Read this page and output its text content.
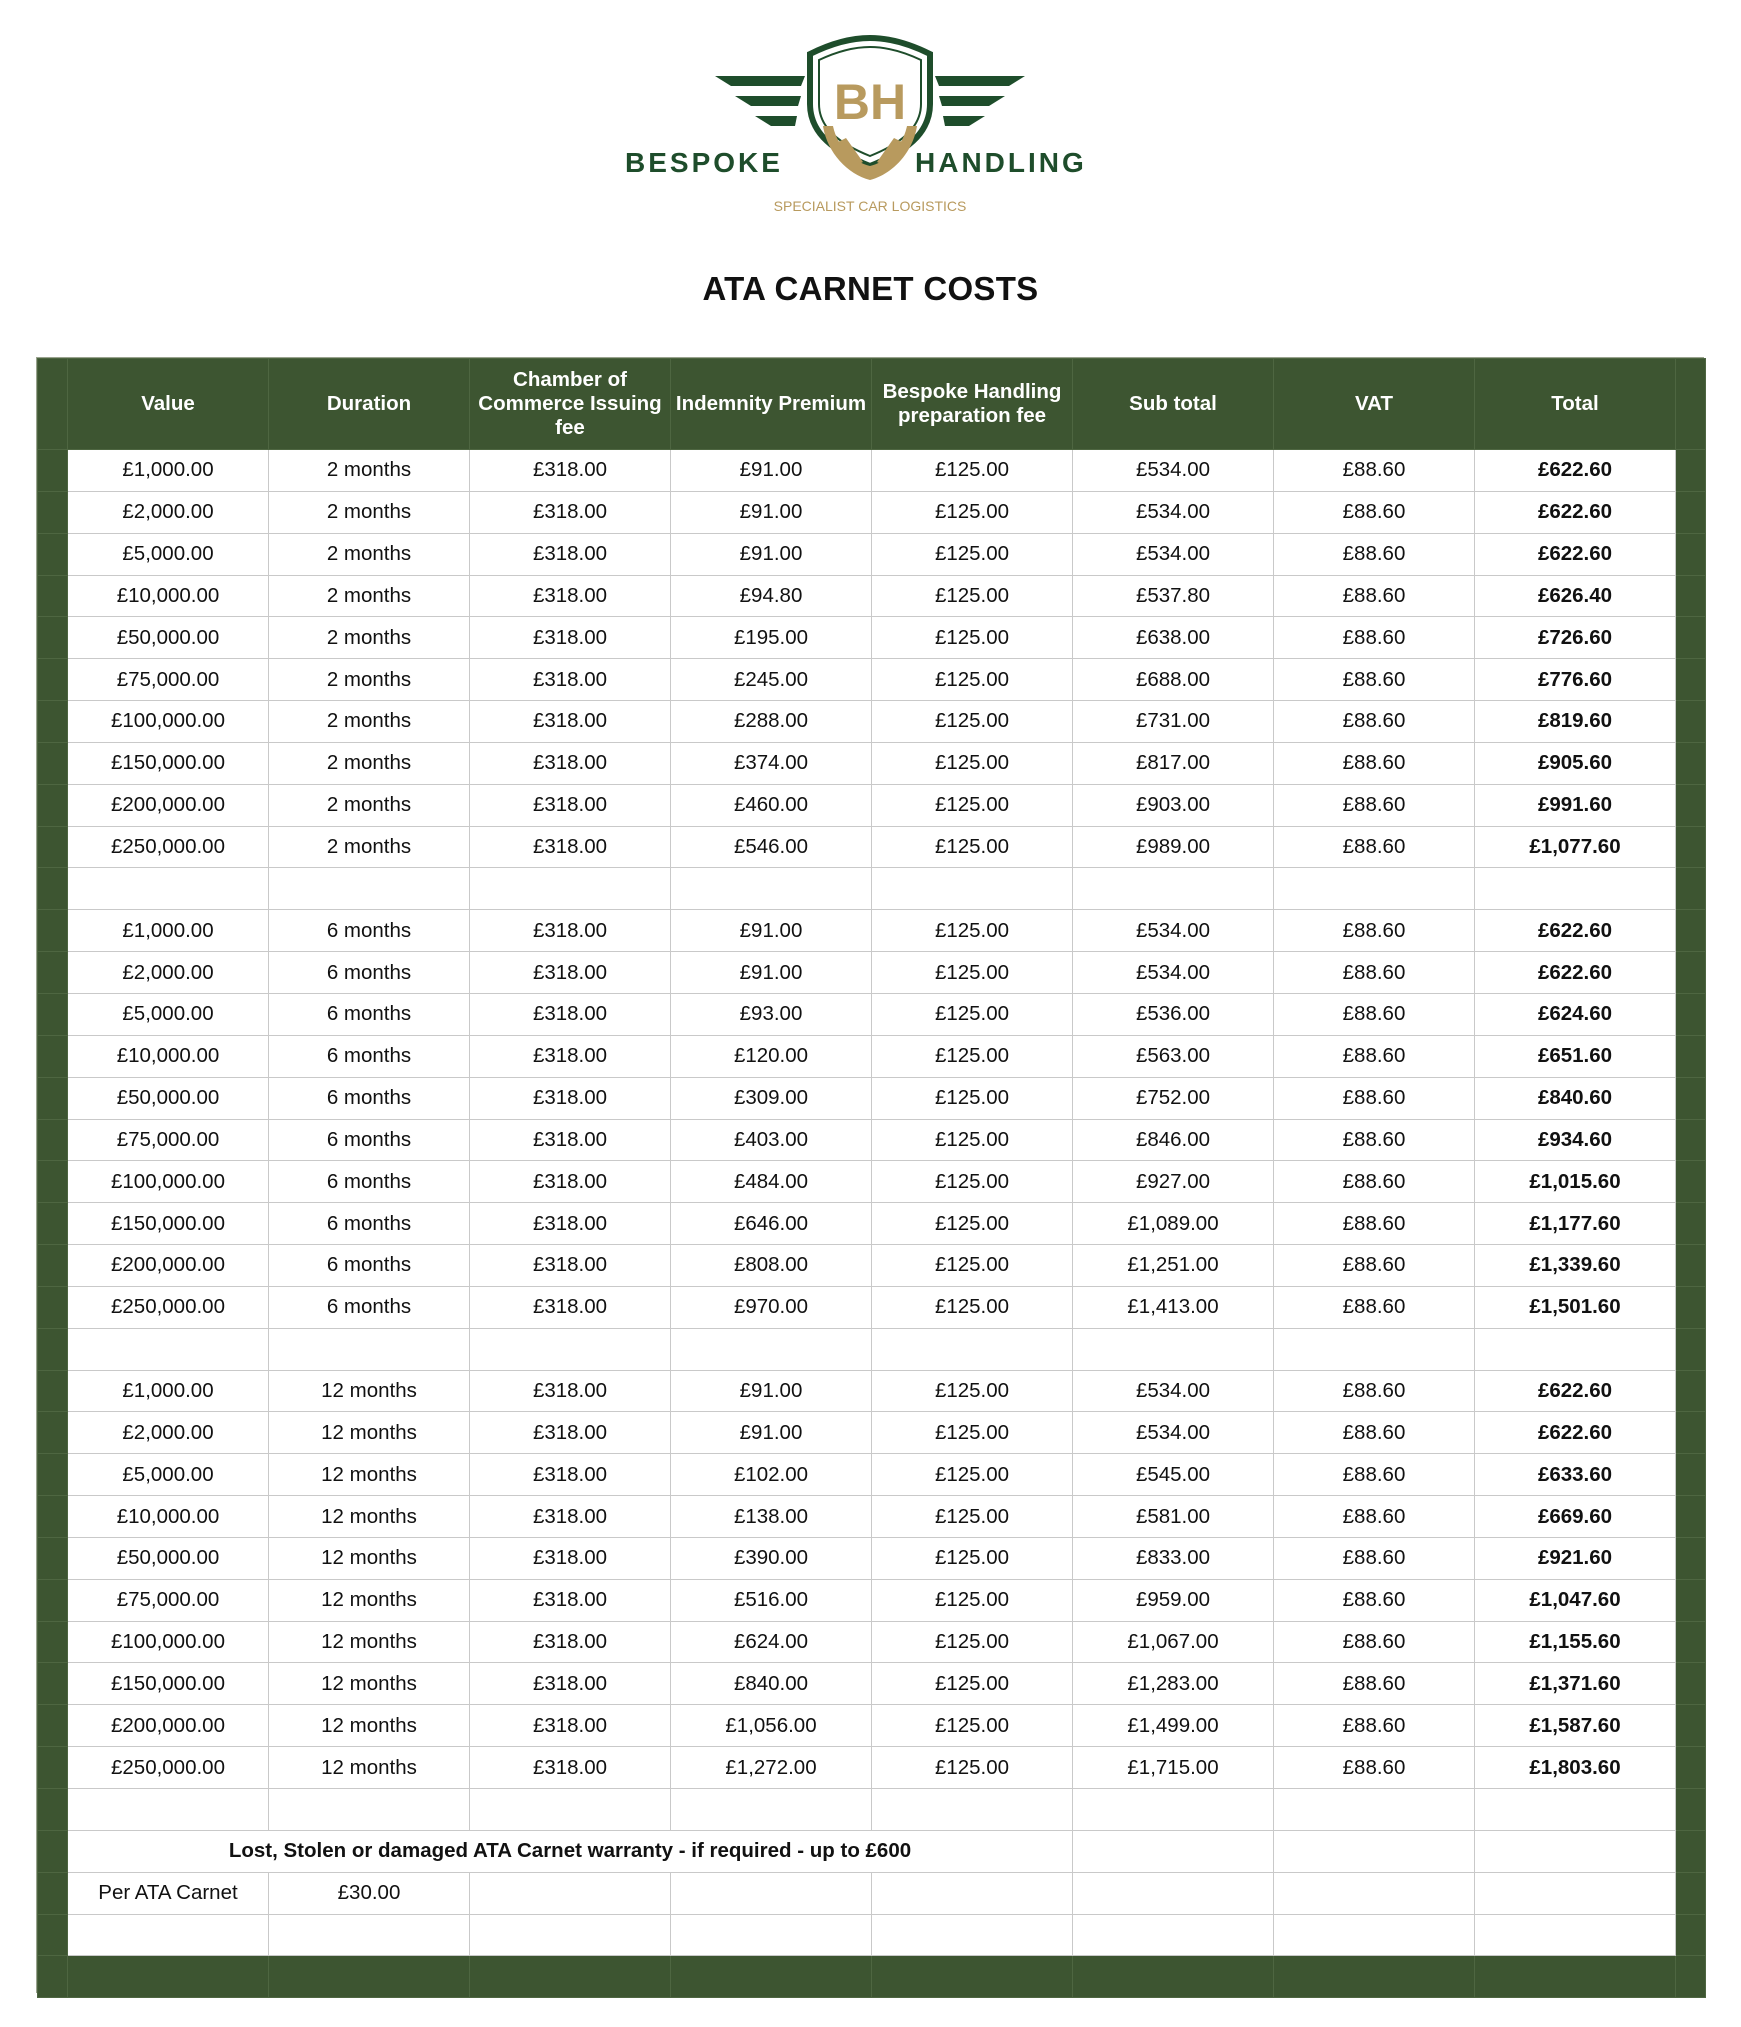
BH
BESPOKE	HANDLING
SPECIALIST CAR LOGISTICS
ATA CARNET COSTS
	Value	Duration	Chamber of Commerce Issuing fee	Indemnity Premium	Bespoke Handling preparation fee	Sub total	VAT	Total	
	£1,000.00	2 months	£318.00	£91.00	£125.00	£534.00	£88.60	£622.60	
	£2,000.00	2 months	£318.00	£91.00	£125.00	£534.00	£88.60	£622.60	
	£5,000.00	2 months	£318.00	£91.00	£125.00	£534.00	£88.60	£622.60	
	£10,000.00	2 months	£318.00	£94.80	£125.00	£537.80	£88.60	£626.40	
	£50,000.00	2 months	£318.00	£195.00	£125.00	£638.00	£88.60	£726.60	
	£75,000.00	2 months	£318.00	£245.00	£125.00	£688.00	£88.60	£776.60	
	£100,000.00	2 months	£318.00	£288.00	£125.00	£731.00	£88.60	£819.60	
	£150,000.00	2 months	£318.00	£374.00	£125.00	£817.00	£88.60	£905.60	
	£200,000.00	2 months	£318.00	£460.00	£125.00	£903.00	£88.60	£991.60	
	£250,000.00	2 months	£318.00	£546.00	£125.00	£989.00	£88.60	£1,077.60	

	£1,000.00	6 months	£318.00	£91.00	£125.00	£534.00	£88.60	£622.60	
	£2,000.00	6 months	£318.00	£91.00	£125.00	£534.00	£88.60	£622.60	
	£5,000.00	6 months	£318.00	£93.00	£125.00	£536.00	£88.60	£624.60	
	£10,000.00	6 months	£318.00	£120.00	£125.00	£563.00	£88.60	£651.60	
	£50,000.00	6 months	£318.00	£309.00	£125.00	£752.00	£88.60	£840.60	
	£75,000.00	6 months	£318.00	£403.00	£125.00	£846.00	£88.60	£934.60	
	£100,000.00	6 months	£318.00	£484.00	£125.00	£927.00	£88.60	£1,015.60	
	£150,000.00	6 months	£318.00	£646.00	£125.00	£1,089.00	£88.60	£1,177.60	
	£200,000.00	6 months	£318.00	£808.00	£125.00	£1,251.00	£88.60	£1,339.60	
	£250,000.00	6 months	£318.00	£970.00	£125.00	£1,413.00	£88.60	£1,501.60	

	£1,000.00	12 months	£318.00	£91.00	£125.00	£534.00	£88.60	£622.60	
	£2,000.00	12 months	£318.00	£91.00	£125.00	£534.00	£88.60	£622.60	
	£5,000.00	12 months	£318.00	£102.00	£125.00	£545.00	£88.60	£633.60	
	£10,000.00	12 months	£318.00	£138.00	£125.00	£581.00	£88.60	£669.60	
	£50,000.00	12 months	£318.00	£390.00	£125.00	£833.00	£88.60	£921.60	
	£75,000.00	12 months	£318.00	£516.00	£125.00	£959.00	£88.60	£1,047.60	
	£100,000.00	12 months	£318.00	£624.00	£125.00	£1,067.00	£88.60	£1,155.60	
	£150,000.00	12 months	£318.00	£840.00	£125.00	£1,283.00	£88.60	£1,371.60	
	£200,000.00	12 months	£318.00	£1,056.00	£125.00	£1,499.00	£88.60	£1,587.60	
	£250,000.00	12 months	£318.00	£1,272.00	£125.00	£1,715.00	£88.60	£1,803.60	

	Lost, Stolen or damaged ATA Carnet warranty - if required - up to £600								
	Per ATA Carnet	£30.00							
